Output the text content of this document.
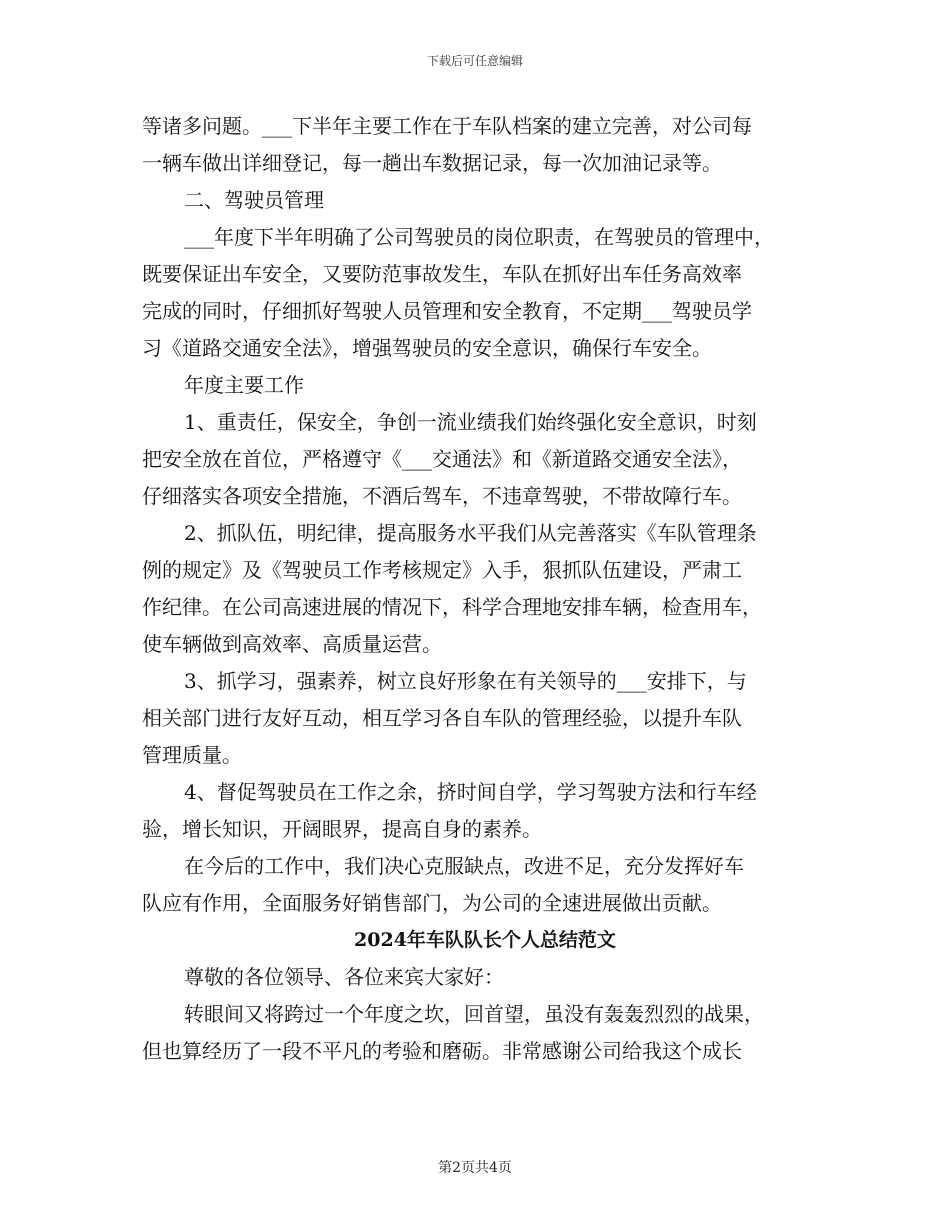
下载后可任意编辑
等诸多问题。___下半年主要工作在于车队档案的建立完善，对公司每
一辆车做出详细登记，每一趟出车数据记录，每一次加油记录等。
二、驾驶员管理
___年度下半年明确了公司驾驶员的岗位职责，在驾驶员的管理中，
既要保证出车安全，又要防范事故发生，车队在抓好出车任务高效率
完成的同时，仔细抓好驾驶人员管理和安全教育，不定期___驾驶员学
习《道路交通安全法》，增强驾驶员的安全意识，确保行车安全。
年度主要工作
1、重责任，保安全，争创一流业绩我们始终强化安全意识，时刻
把安全放在首位，严格遵守《___交通法》和《新道路交通安全法》，
仔细落实各项安全措施，不酒后驾车，不违章驾驶，不带故障行车。
2、抓队伍，明纪律，提高服务水平我们从完善落实《车队管理条
例的规定》及《驾驶员工作考核规定》入手，狠抓队伍建设，严肃工
作纪律。在公司高速进展的情况下，科学合理地安排车辆，检查用车，
使车辆做到高效率、高质量运营。
3、抓学习，强素养，树立良好形象在有关领导的___安排下，与
相关部门进行友好互动，相互学习各自车队的管理经验，以提升车队
管理质量。
4、督促驾驶员在工作之余，挤时间自学，学习驾驶方法和行车经
验，增长知识，开阔眼界，提高自身的素养。
在今后的工作中，我们决心克服缺点，改进不足，充分发挥好车
队应有作用，全面服务好销售部门，为公司的全速进展做出贡献。
2024年车队队长个人总结范文
尊敬的各位领导、各位来宾大家好：
转眼间又将跨过一个年度之坎，回首望，虽没有轰轰烈烈的战果，
但也算经历了一段不平凡的考验和磨砺。非常感谢公司给我这个成长
第2页共4页
